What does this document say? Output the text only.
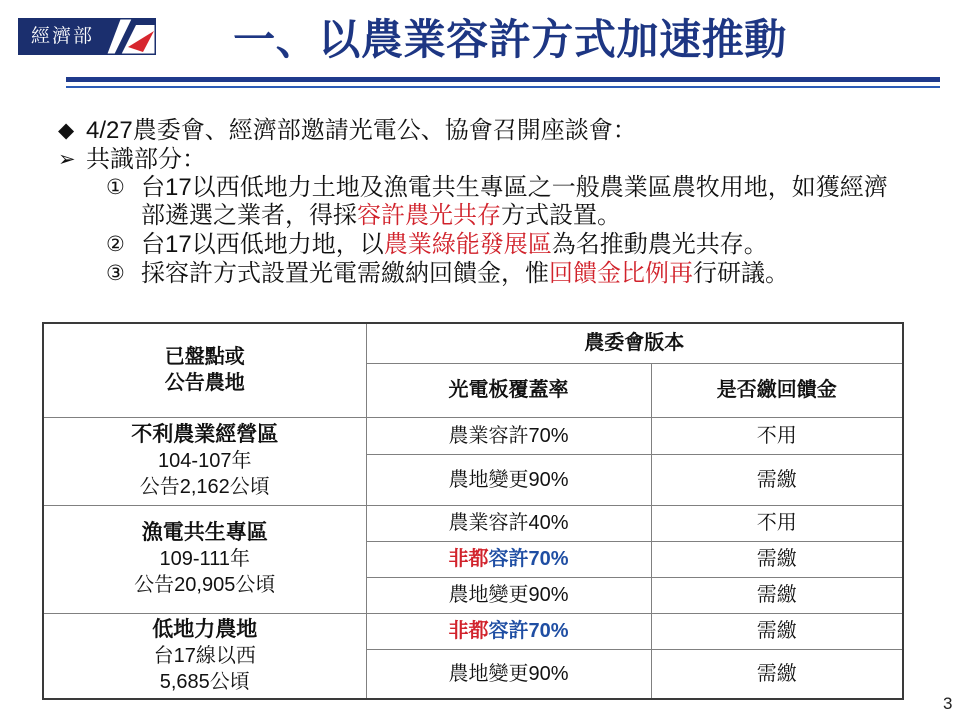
經濟部	一、以農業容許方式加速推動
◆ 4/27農委會、經濟部邀請光電公、協會召開座談會：
➢ 共識部分：
① 台17以西低地力土地及漁電共生專區之一般農業區農牧用地，如獲經濟
部遴選之業者，得採容許農光共存方式設置。
② 台17以西低地力地，以農業綠能發展區為名推動農光共存。
③ 採容許方式設置光電需繳納回饋金，惟回饋金比例再行研議。
已盤點或
公告農地	農委會版本	
	光電板覆蓋率	是否繳回饋金

不利農業經營區
104-107年
公告2,162公頃	農業容許70%	不用
	農地變更90%	需繳

漁電共生專區
109-111年
公告20,905公頃	農業容許40%	不用
	非都容許70%	需繳
	農地變更90%	需繳

低地力農地
台17線以西
5,685公頃	非都容許70%	需繳
	農地變更90%	需繳
3
